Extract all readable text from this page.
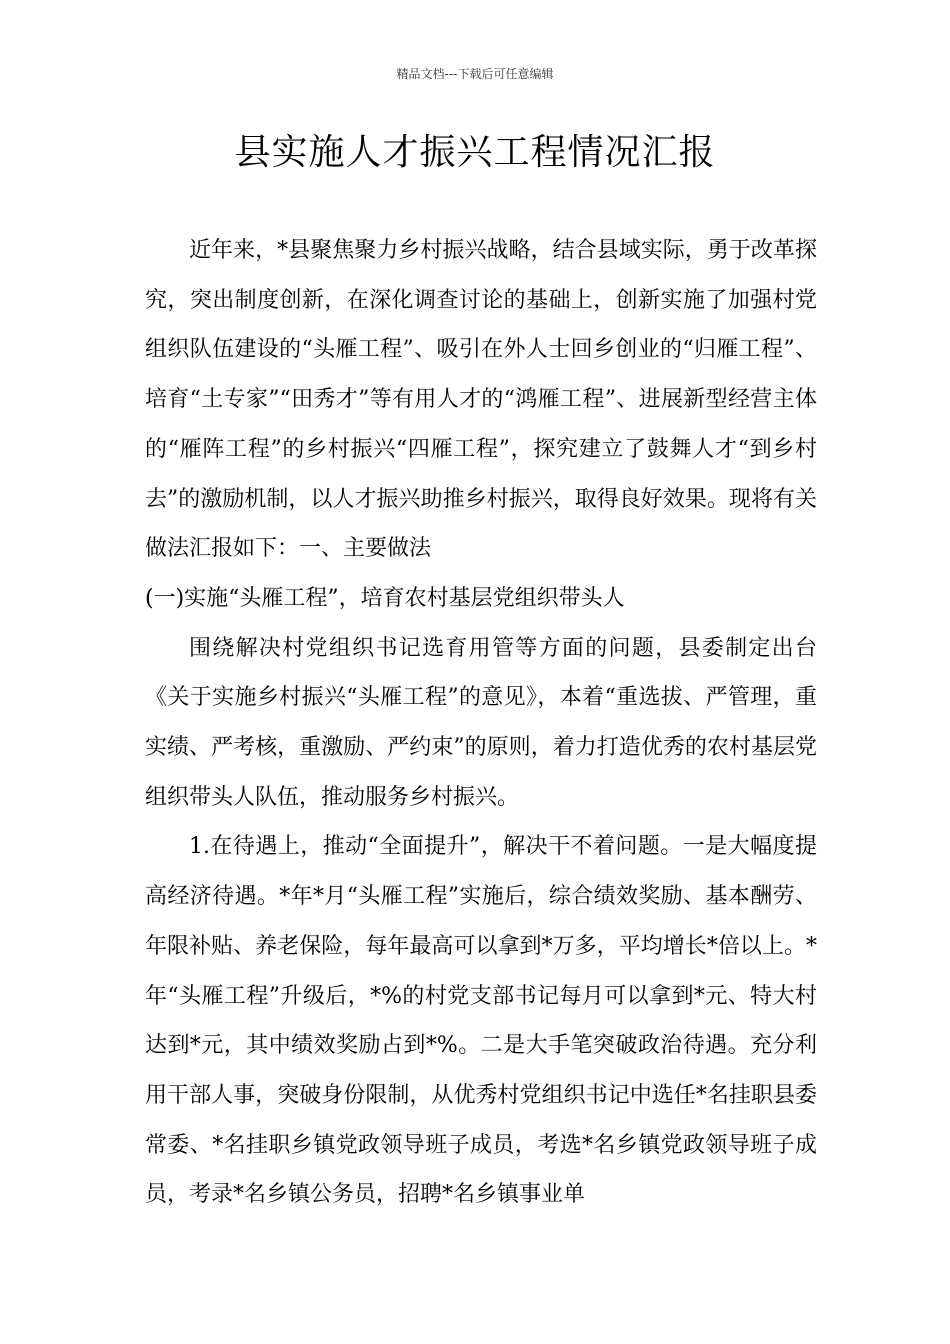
精品文档---下载后可任意编辑
县实施人才振兴工程情况汇报

近年来，*县聚焦聚力乡村振兴战略，结合县域实际，勇于改革探究，突出制度创新，在深化调查讨论的基础上，创新实施了加强村党组织队伍建设的“头雁工程”、吸引在外人士回乡创业的“归雁工程”、培育“土专家”“田秀才”等有用人才的“鸿雁工程”、进展新型经营主体的“雁阵工程”的乡村振兴“四雁工程”，探究建立了鼓舞人才“到乡村去”的激励机制，以人才振兴助推乡村振兴，取得良好效果。现将有关做法汇报如下：一、主要做法

(一)实施“头雁工程”，培育农村基层党组织带头人

围绕解决村党组织书记选育用管等方面的问题，县委制定出台《关于实施乡村振兴“头雁工程”的意见》，本着“重选拔、严管理，重实绩、严考核，重激励、严约束”的原则，着力打造优秀的农村基层党组织带头人队伍，推动服务乡村振兴。

1.在待遇上，推动“全面提升”，解决干不着问题。一是大幅度提高经济待遇。*年*月“头雁工程”实施后，综合绩效奖励、基本酬劳、年限补贴、养老保险，每年最高可以拿到*万多，平均增长*倍以上。*年“头雁工程”升级后，*%的村党支部书记每月可以拿到*元、特大村达到*元，其中绩效奖励占到*%。二是大手笔突破政治待遇。充分利用干部人事，突破身份限制，从优秀村党组织书记中选任*名挂职县委常委、*名挂职乡镇党政领导班子成员，考选*名乡镇党政领导班子成员，考录*名乡镇公务员，招聘*名乡镇事业单
